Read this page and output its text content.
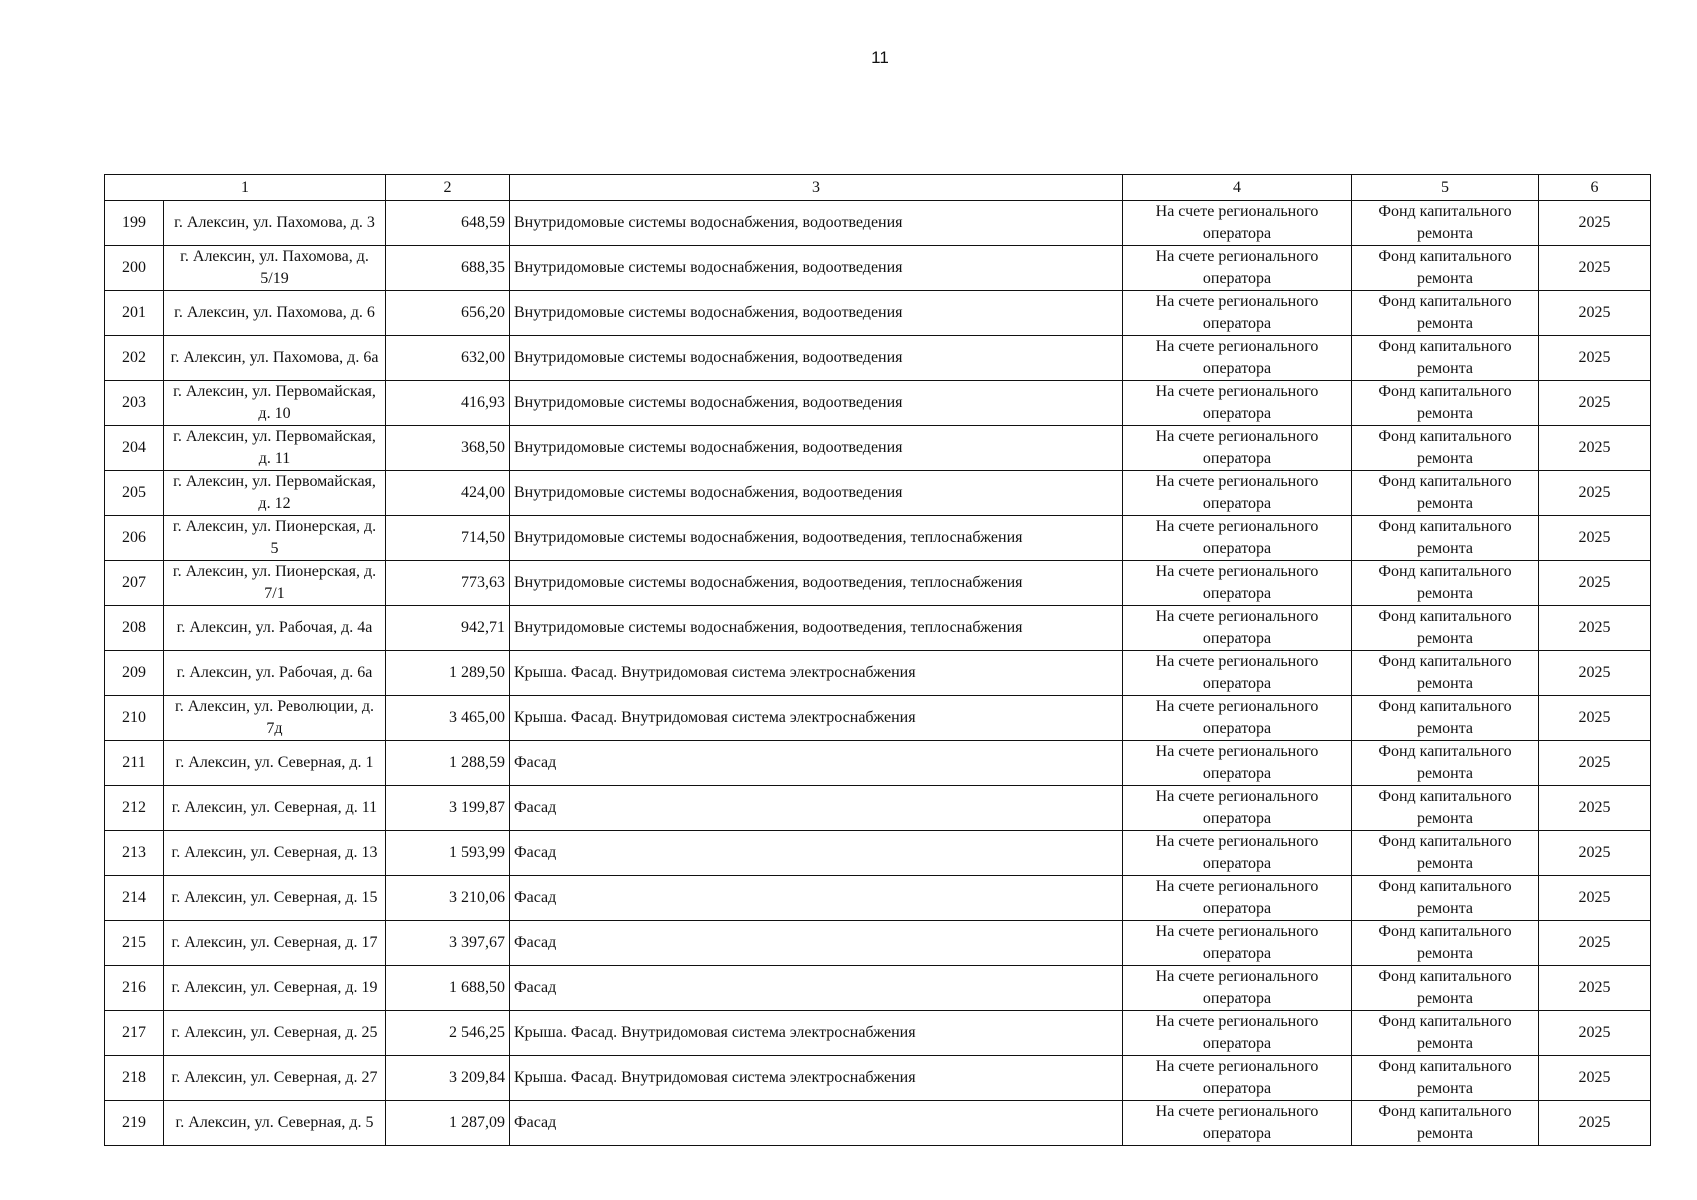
11
1		2	3	4	5	6
199	г. Алексин, ул. Пахомова, д. 3	648,59	Внутридомовые системы водоснабжения, водоотведения	На счете регионального оператора	Фонд капитального ремонта	2025
200	г. Алексин, ул. Пахомова, д. 5/19	688,35	Внутридомовые системы водоснабжения, водоотведения	На счете регионального оператора	Фонд капитального ремонта	2025
201	г. Алексин, ул. Пахомова, д. 6	656,20	Внутридомовые системы водоснабжения, водоотведения	На счете регионального оператора	Фонд капитального ремонта	2025
202	г. Алексин, ул. Пахомова, д. 6а	632,00	Внутридомовые системы водоснабжения, водоотведения	На счете регионального оператора	Фонд капитального ремонта	2025
203	г. Алексин, ул. Первомайская, д. 10	416,93	Внутридомовые системы водоснабжения, водоотведения	На счете регионального оператора	Фонд капитального ремонта	2025
204	г. Алексин, ул. Первомайская, д. 11	368,50	Внутридомовые системы водоснабжения, водоотведения	На счете регионального оператора	Фонд капитального ремонта	2025
205	г. Алексин, ул. Первомайская, д. 12	424,00	Внутридомовые системы водоснабжения, водоотведения	На счете регионального оператора	Фонд капитального ремонта	2025
206	г. Алексин, ул. Пионерская, д. 5	714,50	Внутридомовые системы водоснабжения, водоотведения, теплоснабжения	На счете регионального оператора	Фонд капитального ремонта	2025
207	г. Алексин, ул. Пионерская, д. 7/1	773,63	Внутридомовые системы водоснабжения, водоотведения, теплоснабжения	На счете регионального оператора	Фонд капитального ремонта	2025
208	г. Алексин, ул. Рабочая, д. 4а	942,71	Внутридомовые системы водоснабжения, водоотведения, теплоснабжения	На счете регионального оператора	Фонд капитального ремонта	2025
209	г. Алексин, ул. Рабочая, д. 6а	1 289,50	Крыша. Фасад. Внутридомовая система электроснабжения	На счете регионального оператора	Фонд капитального ремонта	2025
210	г. Алексин, ул. Революции, д. 7д	3 465,00	Крыша. Фасад. Внутридомовая система электроснабжения	На счете регионального оператора	Фонд капитального ремонта	2025
211	г. Алексин, ул. Северная, д. 1	1 288,59	Фасад	На счете регионального оператора	Фонд капитального ремонта	2025
212	г. Алексин, ул. Северная, д. 11	3 199,87	Фасад	На счете регионального оператора	Фонд капитального ремонта	2025
213	г. Алексин, ул. Северная, д. 13	1 593,99	Фасад	На счете регионального оператора	Фонд капитального ремонта	2025
214	г. Алексин, ул. Северная, д. 15	3 210,06	Фасад	На счете регионального оператора	Фонд капитального ремонта	2025
215	г. Алексин, ул. Северная, д. 17	3 397,67	Фасад	На счете регионального оператора	Фонд капитального ремонта	2025
216	г. Алексин, ул. Северная, д. 19	1 688,50	Фасад	На счете регионального оператора	Фонд капитального ремонта	2025
217	г. Алексин, ул. Северная, д. 25	2 546,25	Крыша. Фасад. Внутридомовая система электроснабжения	На счете регионального оператора	Фонд капитального ремонта	2025
218	г. Алексин, ул. Северная, д. 27	3 209,84	Крыша. Фасад. Внутридомовая система электроснабжения	На счете регионального оператора	Фонд капитального ремонта	2025
219	г. Алексин, ул. Северная, д. 5	1 287,09	Фасад	На счете регионального оператора	Фонд капитального ремонта	2025
